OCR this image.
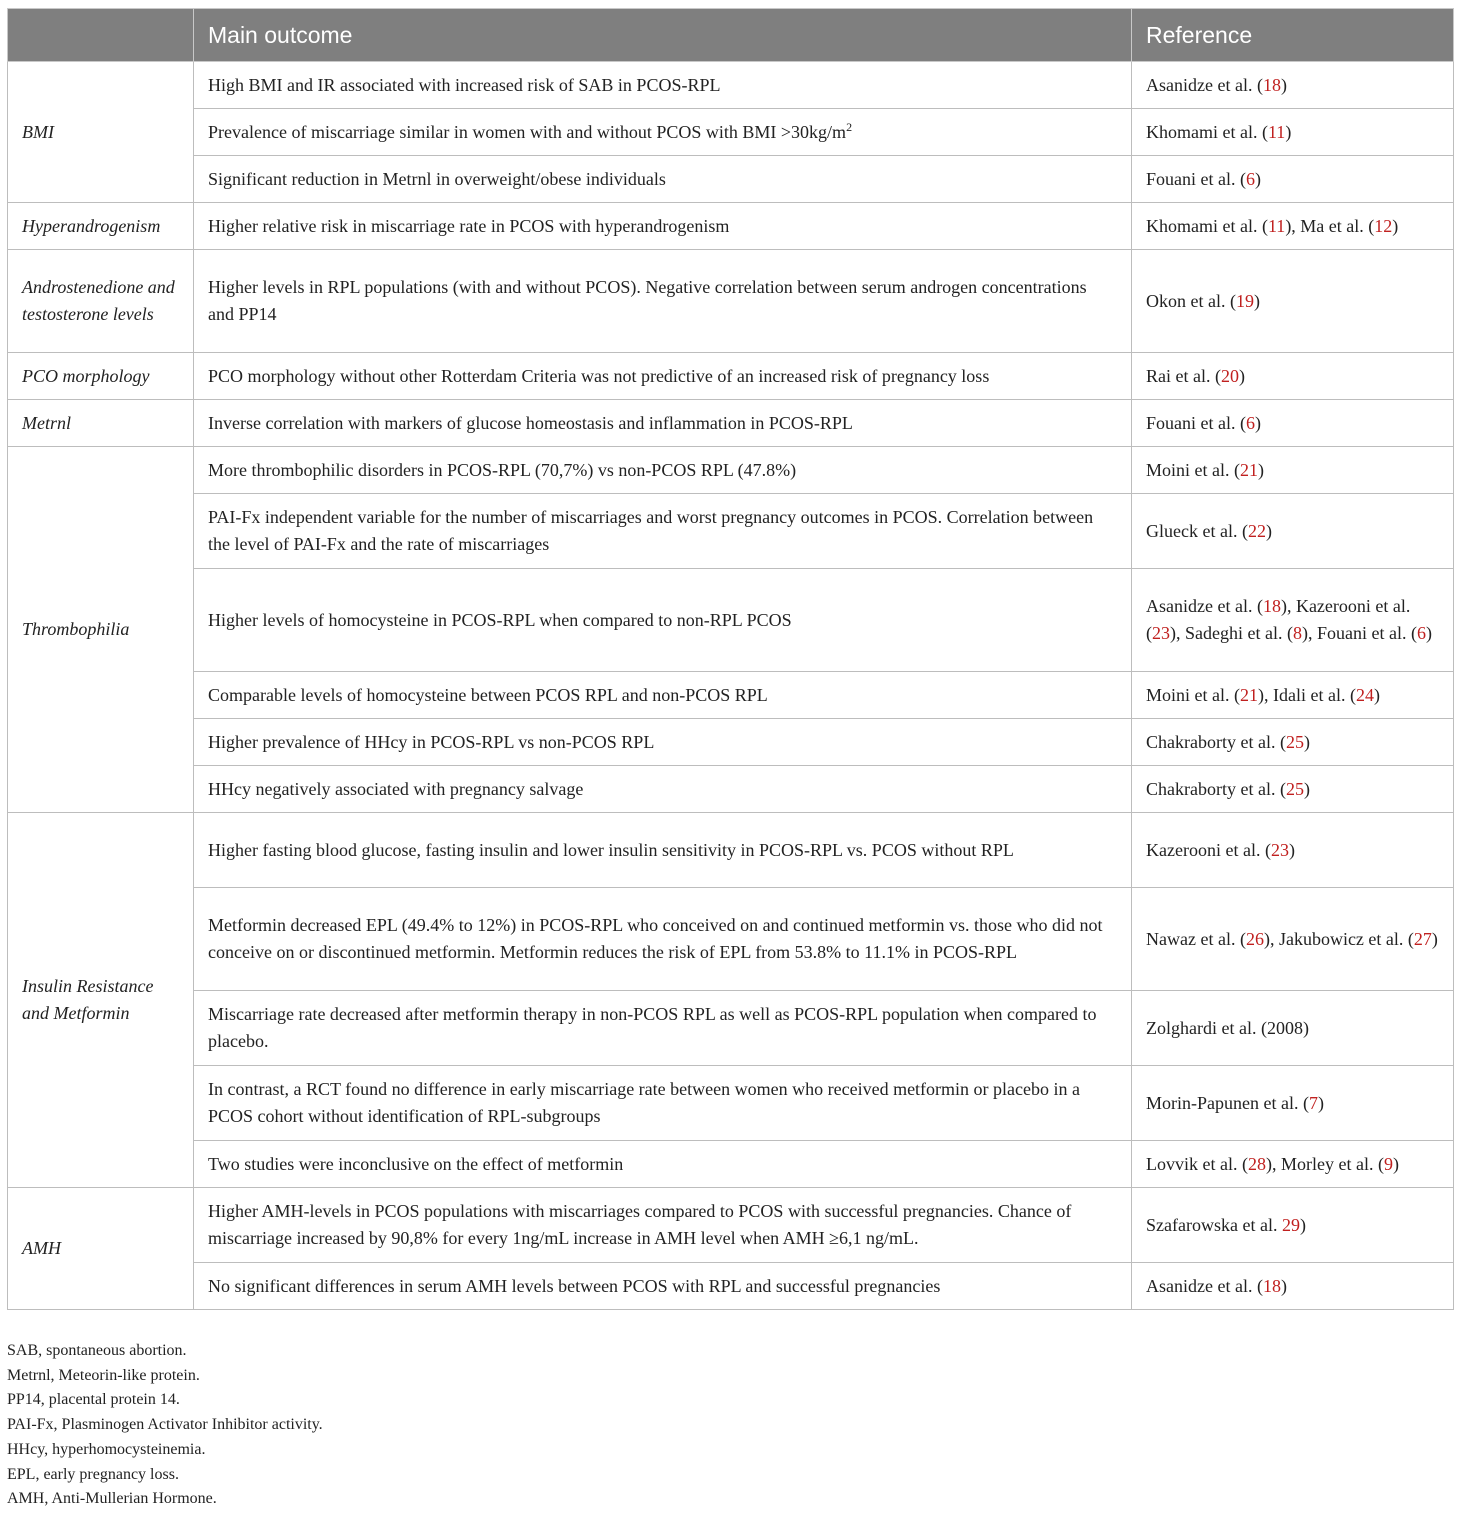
	Main outcome	Reference
BMI	High BMI and IR associated with increased risk of SAB in PCOS-RPL	Asanidze et al. (18)
	Prevalence of miscarriage similar in women with and without PCOS with BMI $>30kg/m^2$	Khomami et al. (11)
	Significant reduction in Metrnl in overweight/obese individuals	Fouani et al. (6)
Hyperandrogenism	Higher relative risk in miscarriage rate in PCOS with hyperandrogenism	Khomami et al. (11), Ma et al. (12)
Androstenedione and testosterone levels	Higher levels in RPL populations (with and without PCOS). Negative correlation between serum androgen concentrations and PP14	Okon et al. (19)
PCO morphology	PCO morphology without other Rotterdam Criteria was not predictive of an increased risk of pregnancy loss	Rai et al. (20)
Metrnl	Inverse correlation with markers of glucose homeostasis and inflammation in PCOS-RPL	Fouani et al. (6)
Thrombophilia	More thrombophilic disorders in PCOS-RPL (70,7%) vs non-PCOS RPL (47.8%)	Moini et al. (21)
	PAI-Fx independent variable for the number of miscarriages and worst pregnancy outcomes in PCOS. Correlation between the level of PAI-Fx and the rate of miscarriages	Glueck et al. (22)
	Higher levels of homocysteine in PCOS-RPL when compared to non-RPL PCOS	Asanidze et al. (18), Kazerooni et al. (23), Sadeghi et al. (8), Fouani et al. (6)
	Comparable levels of homocysteine between PCOS RPL and non-PCOS RPL	Moini et al. (21), Idali et al. (24)
	Higher prevalence of HHcy in PCOS-RPL vs non-PCOS RPL	Chakraborty et al. (25)
	HHcy negatively associated with pregnancy salvage	Chakraborty et al. (25)
Insulin Resistance and Metformin	Higher fasting blood glucose, fasting insulin and lower insulin sensitivity in PCOS-RPL vs. PCOS without RPL	Kazerooni et al. (23)
	Metformin decreased EPL (49.4% to 12%) in PCOS-RPL who conceived on and continued metformin vs. those who did not conceive on or discontinued metformin. Metformin reduces the risk of EPL from 53.8% to 11.1% in PCOS-RPL	Nawaz et al. (26), Jakubowicz et al. (27)
	Miscarriage rate decreased after metformin therapy in non-PCOS RPL as well as PCOS-RPL population when compared to placebo.	Zolghardi et al. (2008)
	In contrast, a RCT found no difference in early miscarriage rate between women who received metformin or placebo in a PCOS cohort without identification of RPL-subgroups	Morin-Papunen et al. (7)
	Two studies were inconclusive on the effect of metformin	Lovvik et al. (28), Morley et al. (9)
AMH	Higher AMH-levels in PCOS populations with miscarriages compared to PCOS with successful pregnancies. Chance of miscarriage increased by 90,8% for every 1ng/mL increase in AMH level when AMH ≥6,1 ng/mL.	Szafarowska et al. 29)
	No significant differences in serum AMH levels between PCOS with RPL and successful pregnancies	Asanidze et al. (18)
SAB, spontaneous abortion.
Metrnl, Meteorin-like protein.
PP14, placental protein 14.
PAI-Fx, Plasminogen Activator Inhibitor activity.
HHcy, hyperhomocysteinemia.
EPL, early pregnancy loss.
AMH, Anti-Mullerian Hormone.
